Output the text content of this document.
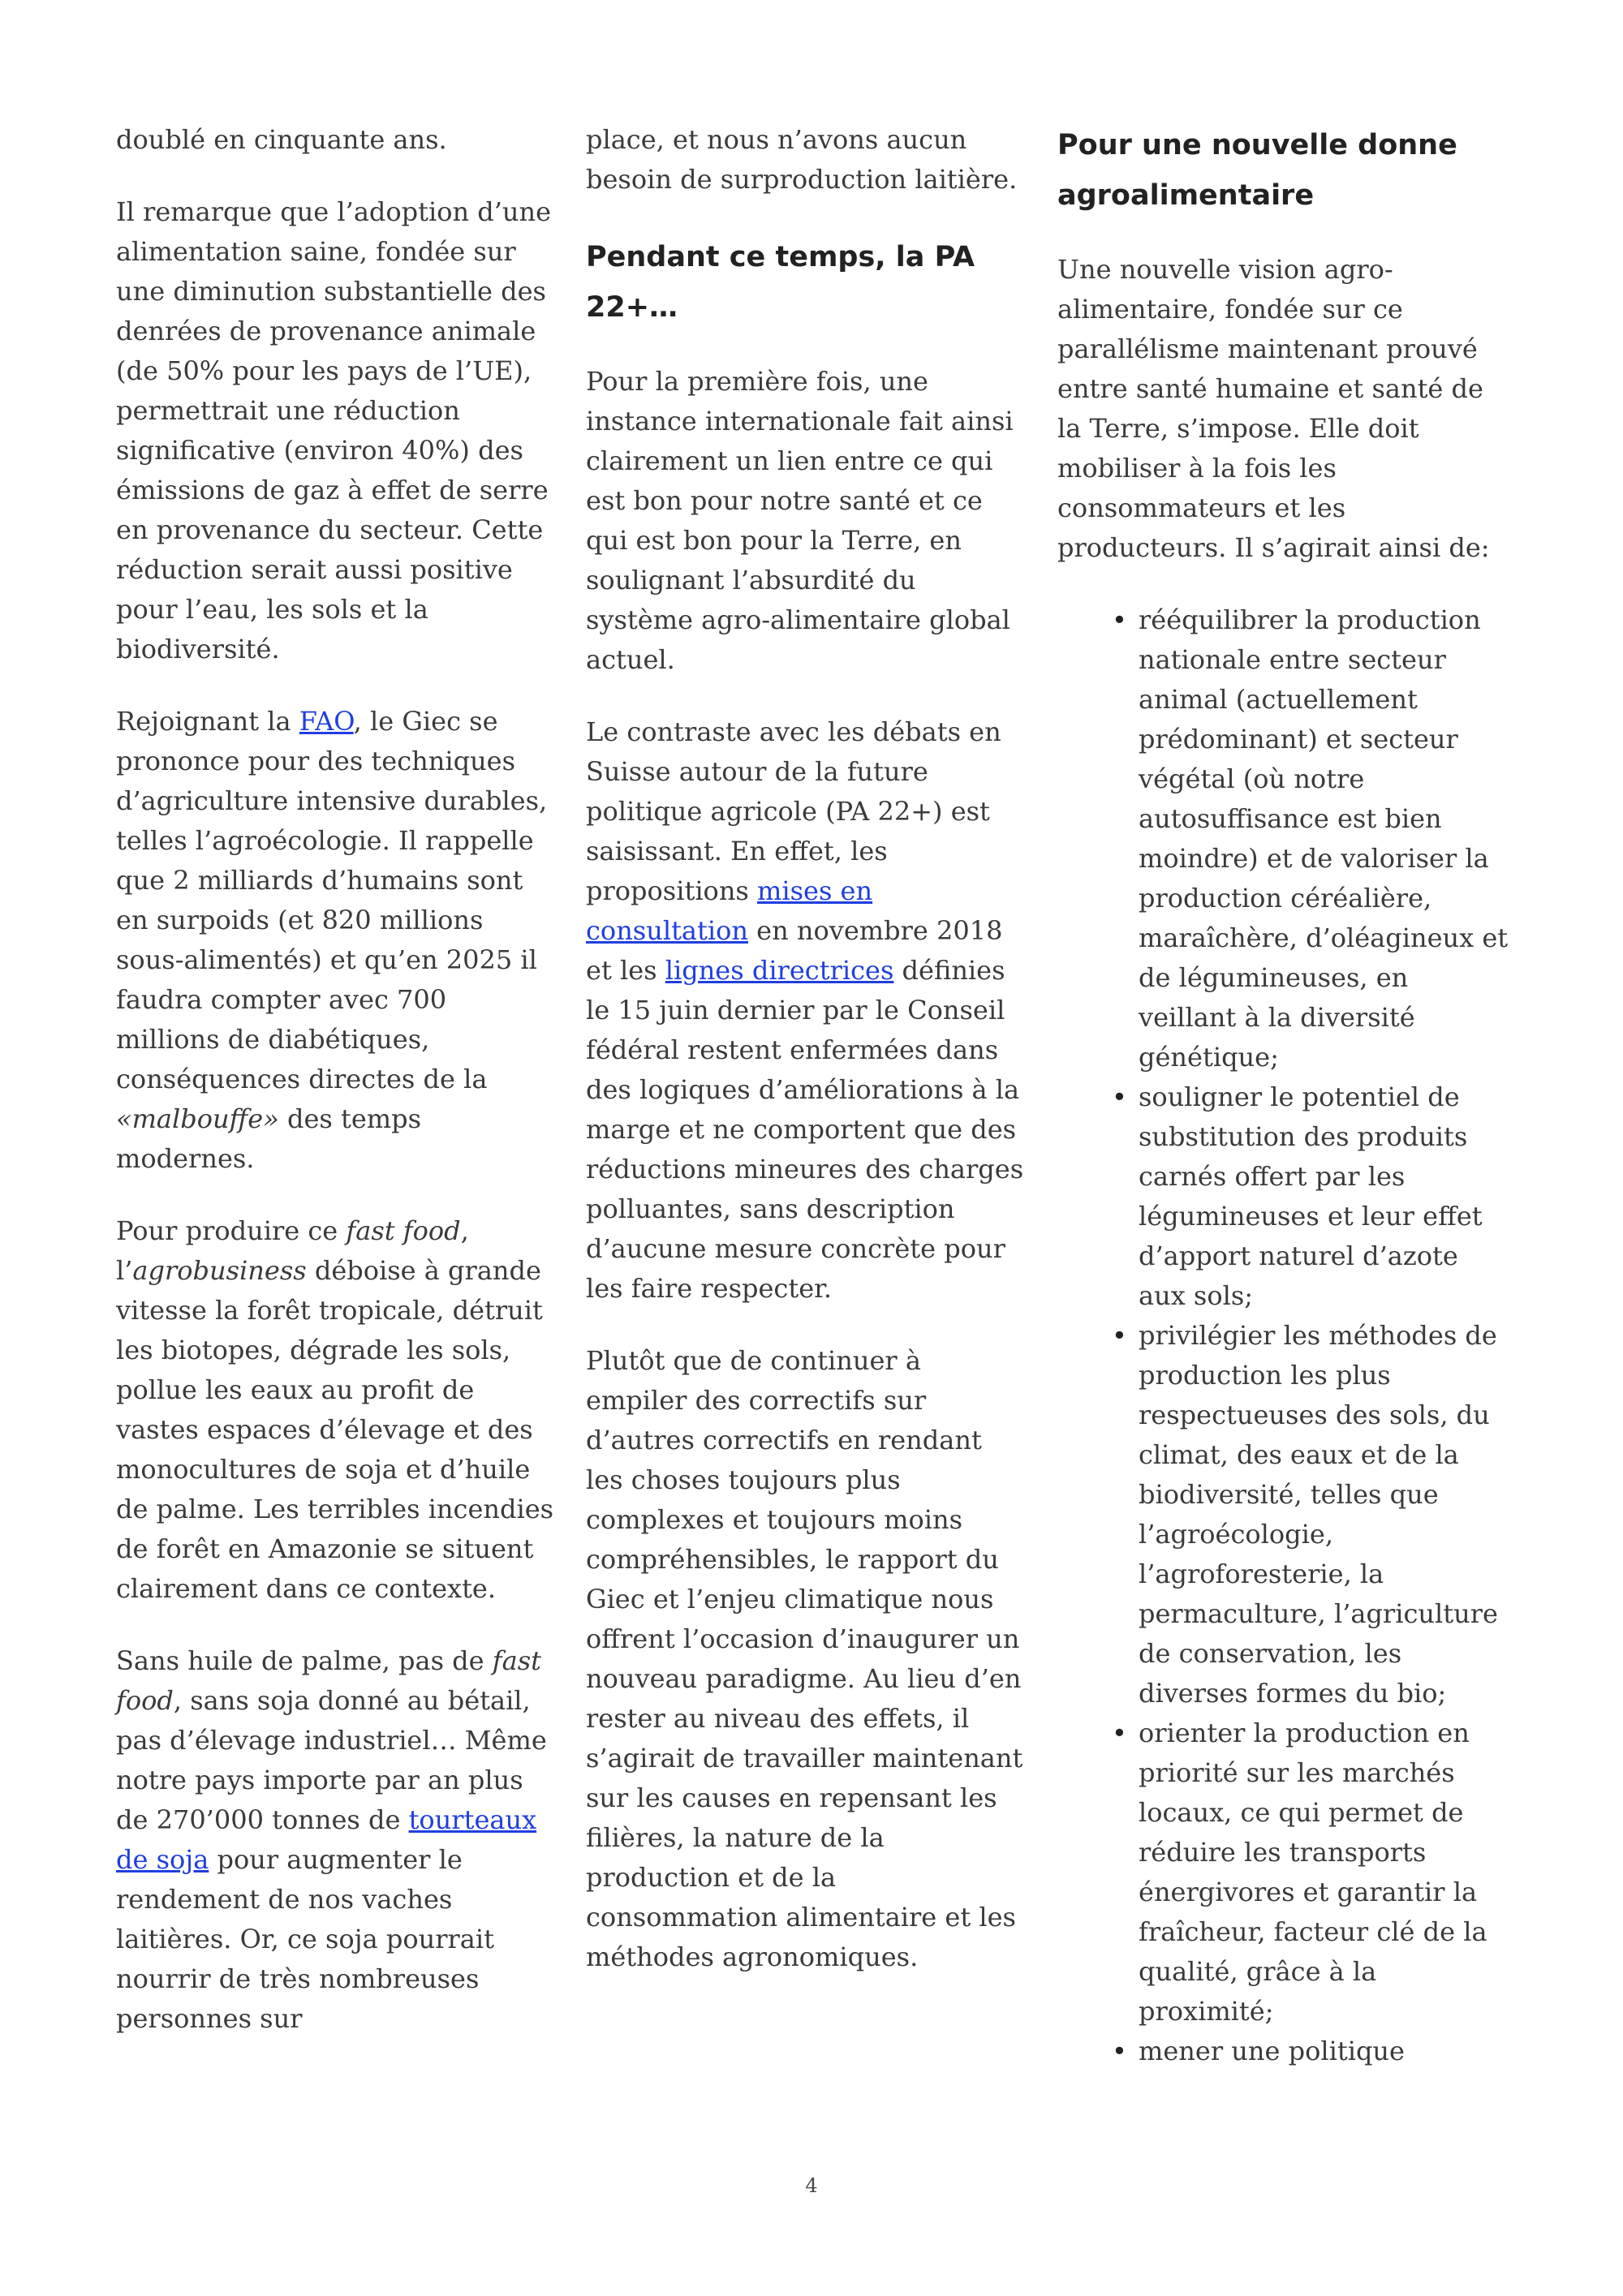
doublé en cinquante ans.

Il remarque que l’adoption d’une alimentation saine, fondée sur une diminution substantielle des denrées de provenance animale (de 50% pour les pays de l’UE), permettrait une réduction significative (environ 40%) des émissions de gaz à effet de serre en provenance du secteur. Cette réduction serait aussi positive pour l’eau, les sols et la biodiversité.

Rejoignant la FAO, le Giec se prononce pour des techniques d’agriculture intensive durables, telles l’agroécologie. Il rappelle que 2 milliards d’humains sont en surpoids (et 820 millions sous-alimentés) et qu’en 2025 il faudra compter avec 700 millions de diabétiques, conséquences directes de la «malbouffe» des temps modernes.

Pour produire ce fast food, l’agrobusiness déboise à grande vitesse la forêt tropicale, détruit les biotopes, dégrade les sols, pollue les eaux au profit de vastes espaces d’élevage et des monocultures de soja et d’huile de palme. Les terribles incendies de forêt en Amazonie se situent clairement dans ce contexte.

Sans huile de palme, pas de fast food, sans soja donné au bétail, pas d’élevage industriel… Même notre pays importe par an plus de 270’000 tonnes de tourteaux de soja pour augmenter le rendement de nos vaches laitières. Or, ce soja pourrait nourrir de très nombreuses personnes sur

place, et nous n’avons aucun besoin de surproduction laitière.

Pendant ce temps, la PA 22+…

Pour la première fois, une instance internationale fait ainsi clairement un lien entre ce qui est bon pour notre santé et ce qui est bon pour la Terre, en soulignant l’absurdité du système agro-alimentaire global actuel.

Le contraste avec les débats en Suisse autour de la future politique agricole (PA 22+) est saisissant. En effet, les propositions mises en consultation en novembre 2018 et les lignes directrices définies le 15 juin dernier par le Conseil fédéral restent enfermées dans des logiques d’améliorations à la marge et ne comportent que des réductions mineures des charges polluantes, sans description d’aucune mesure concrète pour les faire respecter.

Plutôt que de continuer à empiler des correctifs sur d’autres correctifs en rendant les choses toujours plus complexes et toujours moins compréhensibles, le rapport du Giec et l’enjeu climatique nous offrent l’occasion d’inaugurer un nouveau paradigme. Au lieu d’en rester au niveau des effets, il s’agirait de travailler maintenant sur les causes en repensant les filières, la nature de la production et de la consommation alimentaire et les méthodes agronomiques.

Pour une nouvelle donne agroalimentaire

Une nouvelle vision agro-alimentaire, fondée sur ce parallélisme maintenant prouvé entre santé humaine et santé de la Terre, s’impose. Elle doit mobiliser à la fois les consommateurs et les producteurs. Il s’agirait ainsi de:

• rééquilibrer la production nationale entre secteur animal (actuellement prédominant) et secteur végétal (où notre autosuffisance est bien moindre) et de valoriser la production céréalière, maraîchère, d’oléagineux et de légumineuses, en veillant à la diversité génétique;
• souligner le potentiel de substitution des produits carnés offert par les légumineuses et leur effet d’apport naturel d’azote aux sols;
• privilégier les méthodes de production les plus respectueuses des sols, du climat, des eaux et de la biodiversité, telles que l’agroécologie, l’agroforesterie, la permaculture, l’agriculture de conservation, les diverses formes du bio;
• orienter la production en priorité sur les marchés locaux, ce qui permet de réduire les transports énergivores et garantir la fraîcheur, facteur clé de la qualité, grâce à la proximité;
• mener une politique
4
